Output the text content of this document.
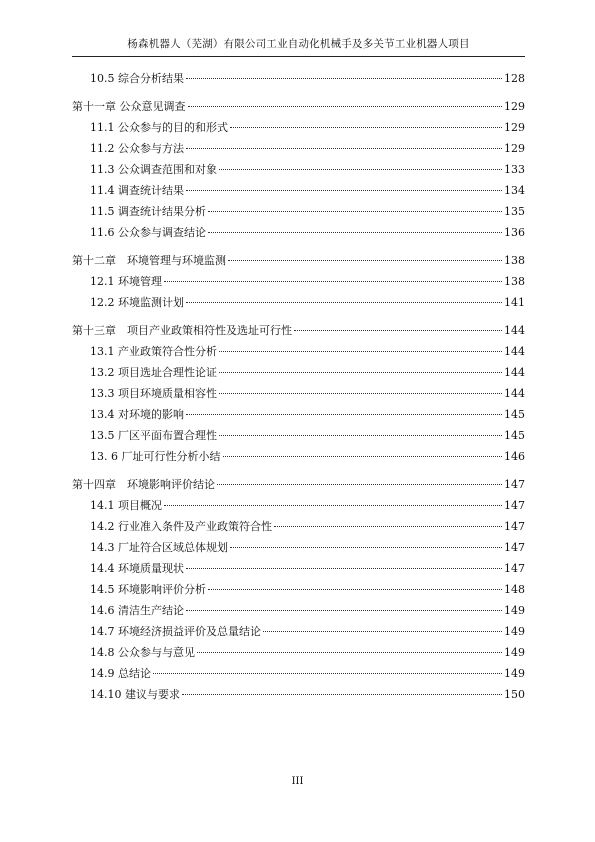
杨森机器人（芜湖）有限公司工业自动化机械手及多关节工业机器人项目
10.5 综合分析结果	128
第十一章 公众意见调查	129
11.1 公众参与的目的和形式	129
11.2 公众参与方法	129
11.3 公众调查范围和对象	133
11.4 调查统计结果	134
11.5 调查统计结果分析	135
11.6 公众参与调查结论	136
第十二章　环境管理与环境监测	138
12.1 环境管理	138
12.2 环境监测计划	141
第十三章　项目产业政策相符性及选址可行性	144
13.1 产业政策符合性分析	144
13.2 项目选址合理性论证	144
13.3 项目环境质量相容性	144
13.4 对环境的影响	145
13.5 厂区平面布置合理性	145
13. 6 厂址可行性分析小结	146
第十四章　环境影响评价结论	147
14.1 项目概况	147
14.2 行业准入条件及产业政策符合性	147
14.3 厂址符合区域总体规划	147
14.4 环境质量现状	147
14.5 环境影响评价分析	148
14.6 清洁生产结论	149
14.7 环境经济损益评价及总量结论	149
14.8 公众参与与意见	149
14.9 总结论	149
14.10 建议与要求	150
III
